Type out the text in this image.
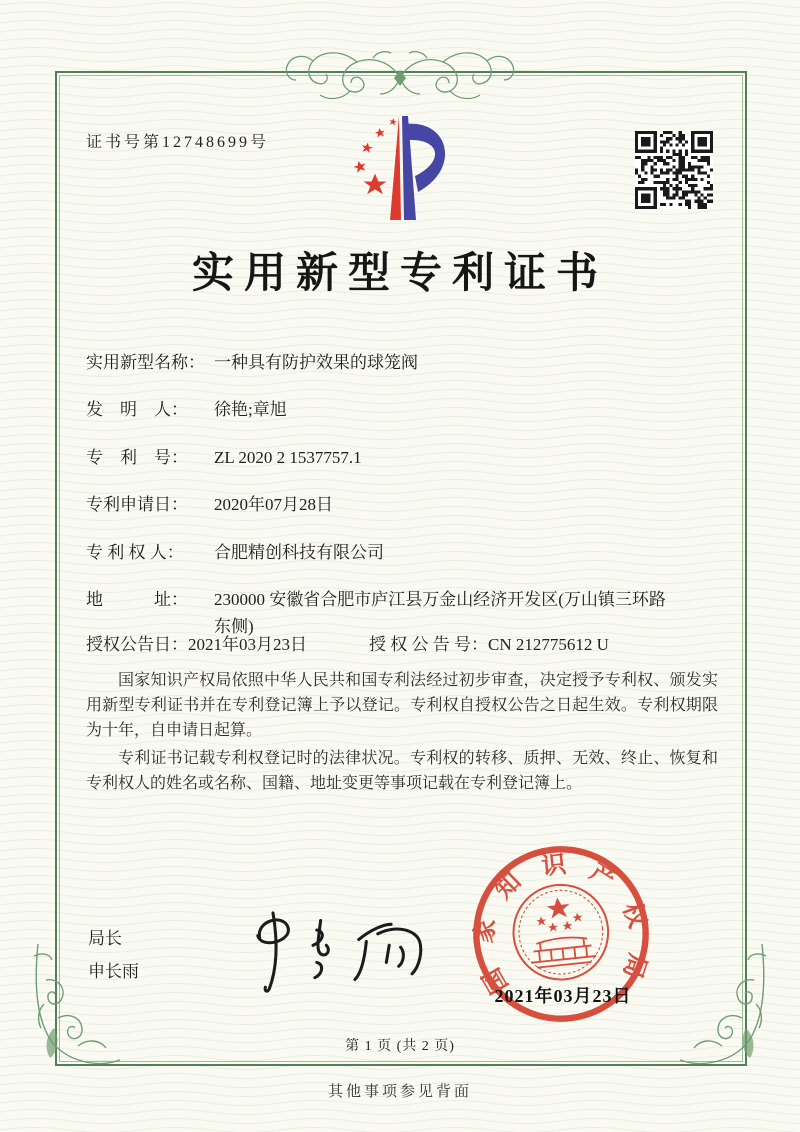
证书号第12748699号
实用新型专利证书
实用新型名称： 一种具有防护效果的球笼阀
发　明　人：	徐艳;章旭
专　利　号：	ZL 2020 2 1537757.1
专利申请日：	2020年07月28日
专 利 权 人：	合肥精创科技有限公司
地　　　址：	230000 安徽省合肥市庐江县万金山经济开发区(万山镇三环路东侧)
授权公告日： 2021年03月23日	授 权 公 告 号： CN 212775612 U

国家知识产权局依照中华人民共和国专利法经过初步审查，决定授予专利权、颁发实用新型专利证书并在专利登记簿上予以登记。专利权自授权公告之日起生效。专利权期限为十年，自申请日起算。

专利证书记载专利权登记时的法律状况。专利权的转移、质押、无效、终止、恢复和专利权人的姓名或名称、国籍、地址变更等事项记载在专利登记簿上。

局长
申长雨	国
家
知
识 产
权
局
2021年03月23日
第 1 页 (共 2 页)
其他事项参见背面
